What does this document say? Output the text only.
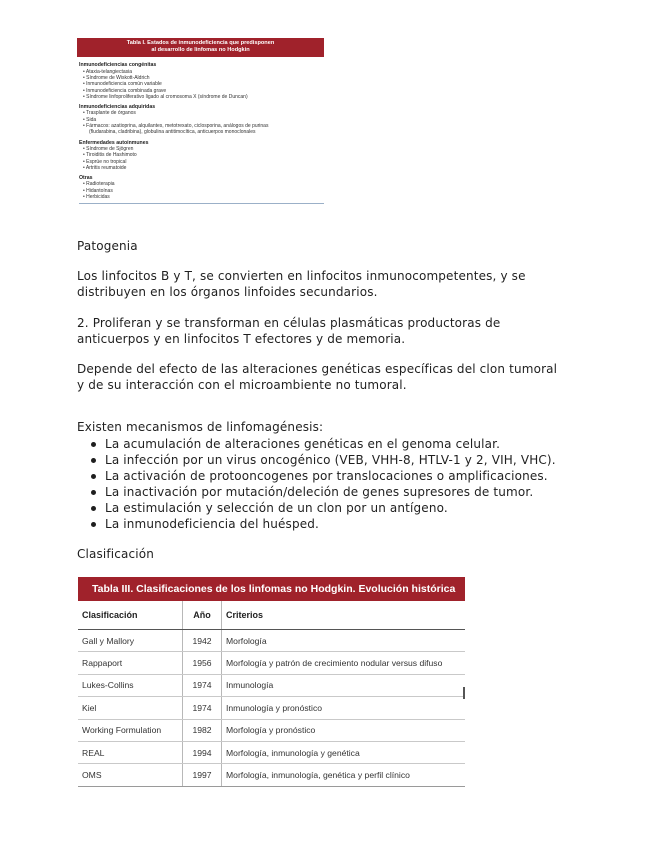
Tabla I. Estados de inmunodeficiencia que predisponen
al desarrollo de linfomas no Hodgkin
Inmunodeficiencias congénitas
• Ataxia-telangiectasia
• Síndrome de Wiskott-Aldrich
• Inmunodeficiencia común variable
• Inmunodeficiencia combinada grave
• Síndrome linfoproliferativo ligado al cromosoma X (síndrome de Duncan)
Inmunodeficiencias adquiridas
• Trasplante de órganos
• Sida
• Fármacos: azatioprina, alquilantes, metotrexato, ciclosporina, análogos de purinas
(fludarabina, cladribina), globulina antitimocítica, anticuerpos monoclonales
Enfermedades autoinmunes
• Síndrome de Sjögren
• Tiroiditis de Hashimoto
• Esprúe no tropical
• Artritis reumatoide
Otras
• Radioterapia
• Hidantoínas
• Herbicidas
Patogenia
Los linfocitos B y T, se convierten en linfocitos inmunocompetentes, y se
distribuyen en los órganos linfoides secundarios.
2. Proliferan y se transforman en células plasmáticas productoras de
anticuerpos y en linfocitos T efectores y de memoria.
Depende del efecto de las alteraciones genéticas específicas del clon tumoral
y de su interacción con el microambiente no tumoral.
Existen mecanismos de linfomagénesis:
La acumulación de alteraciones genéticas en el genoma celular.
La infección por un virus oncogénico (VEB, VHH-8, HTLV-1 y 2, VIH, VHC).
La activación de protooncogenes por translocaciones o amplificaciones.
La inactivación por mutación/deleción de genes supresores de tumor.
La estimulación y selección de un clon por un antígeno.
La inmunodeficiencia del huésped.
Clasificación
Tabla III. Clasificaciones de los linfomas no Hodgkin. Evolución histórica
Clasificación	Año	Criterios
Gall y Mallory	1942	Morfología
Rappaport	1956	Morfología y patrón de crecimiento nodular versus difuso
Lukes-Collins	1974	Inmunología
Kiel	1974	Inmunología y pronóstico
Working Formulation	1982	Morfología y pronóstico
REAL	1994	Morfología, inmunología y genética
OMS	1997	Morfología, inmunología, genética y perfil clínico
